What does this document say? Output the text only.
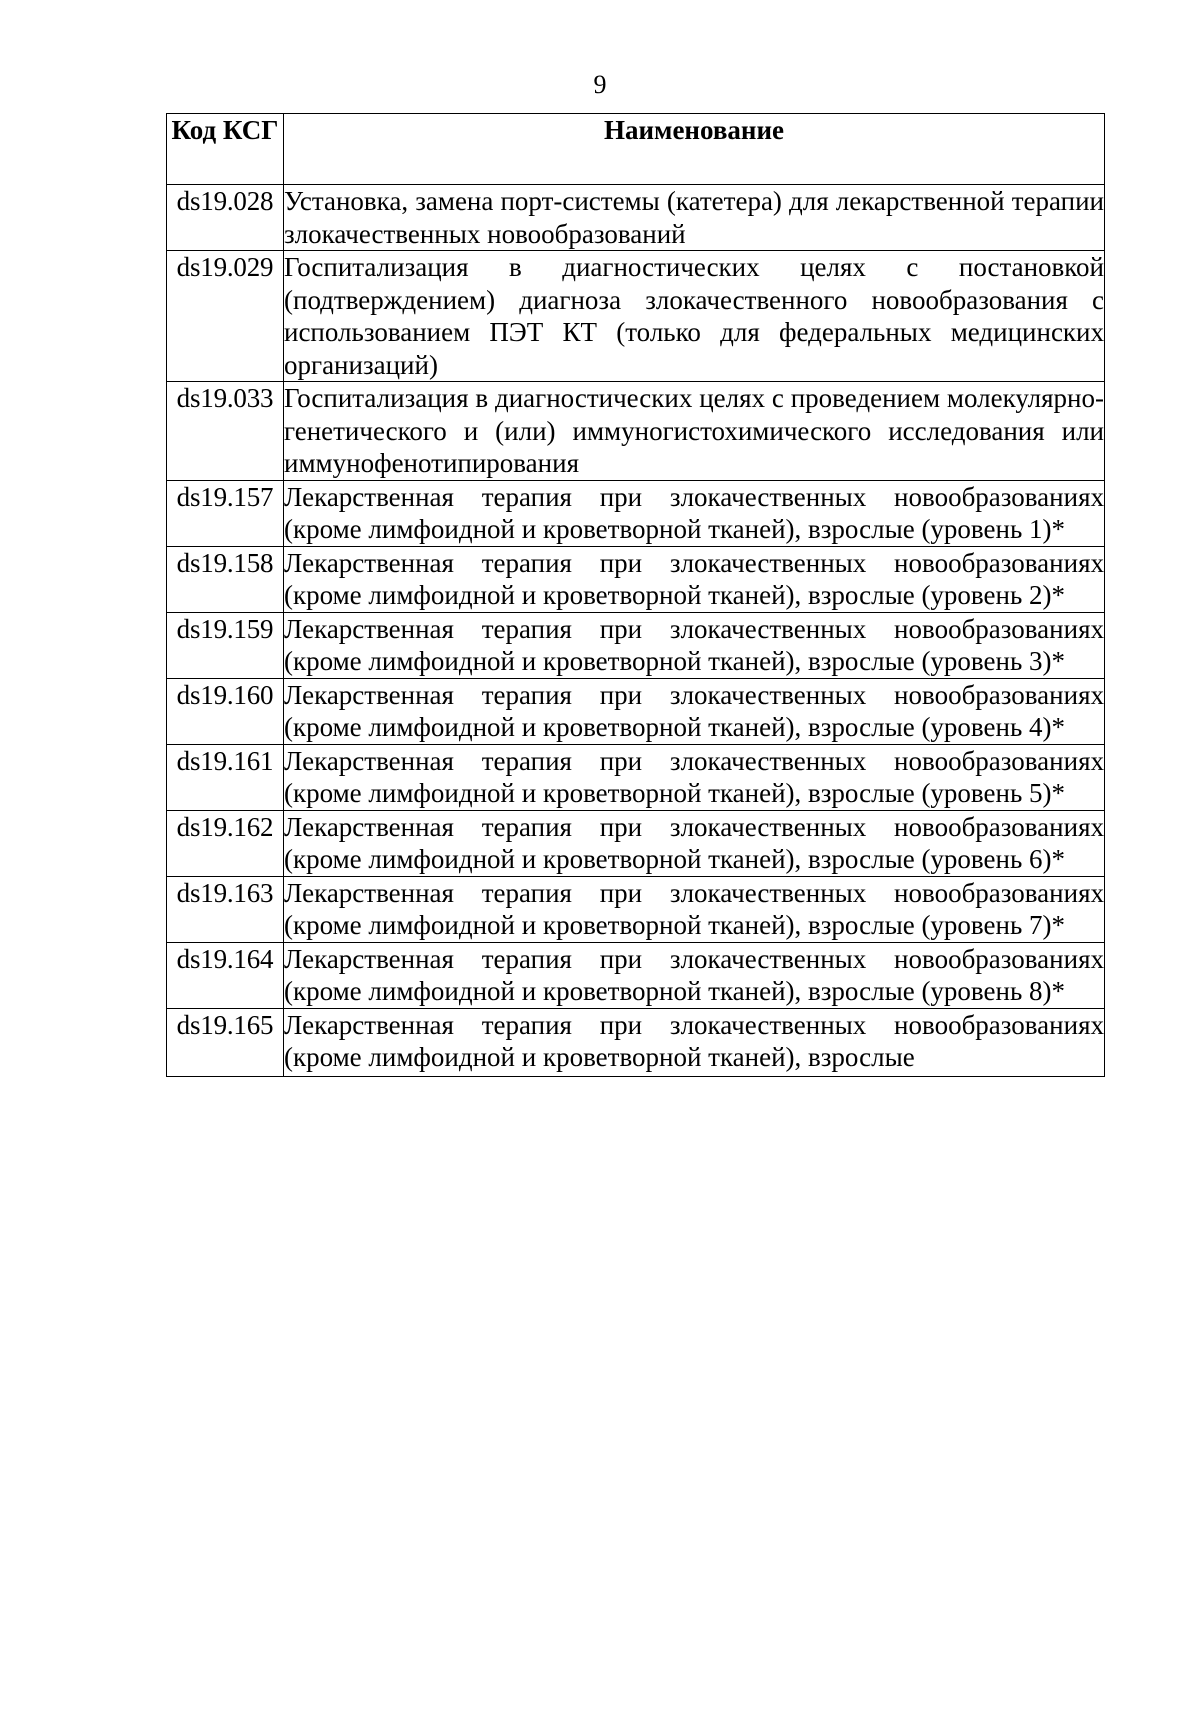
9
Код КСГ	Наименование
ds19.028	Установка, замена порт-системы (катетера) для лекарственной терапии злокачественных новообразований
ds19.029	Госпитализация в диагностических целях с постановкой (подтверждением) диагноза злокачественного новообразования с использованием ПЭТ КТ (только для федеральных медицинских организаций)
ds19.033	Госпитализация в диагностических целях с проведением молекулярно-генетического и (или) иммуногистохимического исследования или иммунофенотипирования
ds19.157	Лекарственная терапия при злокачественных новообразованиях (кроме лимфоидной и кроветворной тканей), взрослые (уровень 1)*
ds19.158	Лекарственная терапия при злокачественных новообразованиях (кроме лимфоидной и кроветворной тканей), взрослые (уровень 2)*
ds19.159	Лекарственная терапия при злокачественных новообразованиях (кроме лимфоидной и кроветворной тканей), взрослые (уровень 3)*
ds19.160	Лекарственная терапия при злокачественных новообразованиях (кроме лимфоидной и кроветворной тканей), взрослые (уровень 4)*
ds19.161	Лекарственная терапия при злокачественных новообразованиях (кроме лимфоидной и кроветворной тканей), взрослые (уровень 5)*
ds19.162	Лекарственная терапия при злокачественных новообразованиях (кроме лимфоидной и кроветворной тканей), взрослые (уровень 6)*
ds19.163	Лекарственная терапия при злокачественных новообразованиях (кроме лимфоидной и кроветворной тканей), взрослые (уровень 7)*
ds19.164	Лекарственная терапия при злокачественных новообразованиях (кроме лимфоидной и кроветворной тканей), взрослые (уровень 8)*
ds19.165	Лекарственная терапия при злокачественных новообразованиях (кроме лимфоидной и кроветворной тканей), взрослые
